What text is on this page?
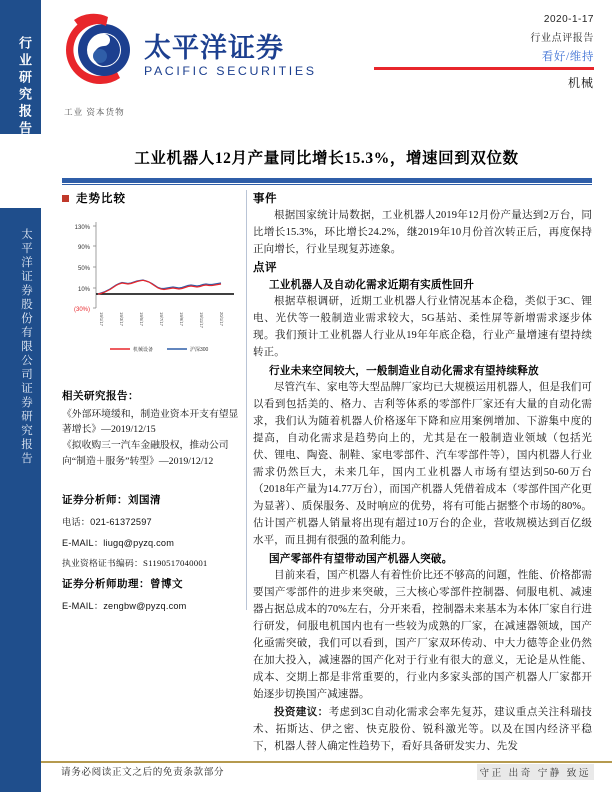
行业研究报告
太平洋证券股份有限公司证券研究报告
太平洋证券
PACIFIC SECURITIES
2020-1-17
行业点评报告
看好/维持
机械
工业 资本货物
工业机器人12月产量同比增长15.3%，增速回到双位数
走势比较
130%
90%
50%
10%
(30%)
19/1/17	19/3/17	19/5/17	19/7/17	19/9/17	19/11/17	20/1/17
机械设备	沪深300
相关研究报告：
《外部环境缓和，制造业资本开支有望显著增长》—2019/12/15
《拟收购三一汽车金融股权，推动公司向“制造＋服务”转型》—2019/12/12
证券分析师：刘国清
电话：021-61372597
E-MAIL：liugq@pyzq.com
执业资格证书编码：S1190517040001
证券分析师助理：曾博文
E-MAIL：zengbw@pyzq.com
事件
根据国家统计局数据，工业机器人2019年12月份产量达到2万台，同比增长15.3%，环比增长24.2%，继2019年10月份首次转正后，再度保持正向增长，行业呈现复苏迹象。
点评
工业机器人及自动化需求近期有实质性回升
根据草根调研，近期工业机器人行业情况基本企稳，类似于3C、锂电、光伏等一般制造业需求较大，5G基站、柔性屏等新增需求逐步体现。我们预计工业机器人行业从19年年底企稳，行业产量增速有望持续转正。
行业未来空间较大，一般制造业自动化需求有望持续释放
尽管汽车、家电等大型品牌厂家均已大规模运用机器人，但是我们可以看到包括美的、格力、吉利等体系的零部件厂家还有大量的自动化需求，我们认为随着机器人价格逐年下降和应用案例增加、下游集中度的提高，自动化需求是趋势向上的，尤其是在一般制造业领域（包括光伏、锂电、陶瓷、制鞋、家电零部件、汽车零部件等），国内机器人行业需求仍然巨大，未来几年，国内工业机器人市场有望达到50-60万台（2018年产量为14.77万台），而国产机器人凭借着成本（零部件国产化更为显著）、质保服务、及时响应的优势，将有可能占据整个市场的80%。估计国产机器人销量将出现有超过10万台的企业，营收规模达到百亿级水平，而且拥有很强的盈利能力。
国产零部件有望带动国产机器人突破。
目前来看，国产机器人有着性价比还不够高的问题，性能、价格都需要国产零部件的进步来突破，三大核心零部件控制器、伺服电机、减速器占据总成本的70%左右，分开来看，控制器未来基本为本体厂家自行进行研发，伺服电机国内也有一些较为成熟的厂家，在减速器领域，国产化亟需突破，我们可以看到，国产厂家双环传动、中大力德等企业仍然在加大投入，减速器的国产化对于行业有很大的意义，无论是从性能、成本、交期上都是非常重要的，行业内多家头部的国产机器人厂家都开始逐步切换国产减速器。
投资建议：考虑到3C自动化需求会率先复苏，建议重点关注科瑞技术、拓斯达、伊之密、快克股份、锐科激光等。以及在国内经济平稳下，机器人替人确定性趋势下，看好具备研发实力、先发
请务必阅读正文之后的免责条款部分	守正 出奇 宁静 致远
